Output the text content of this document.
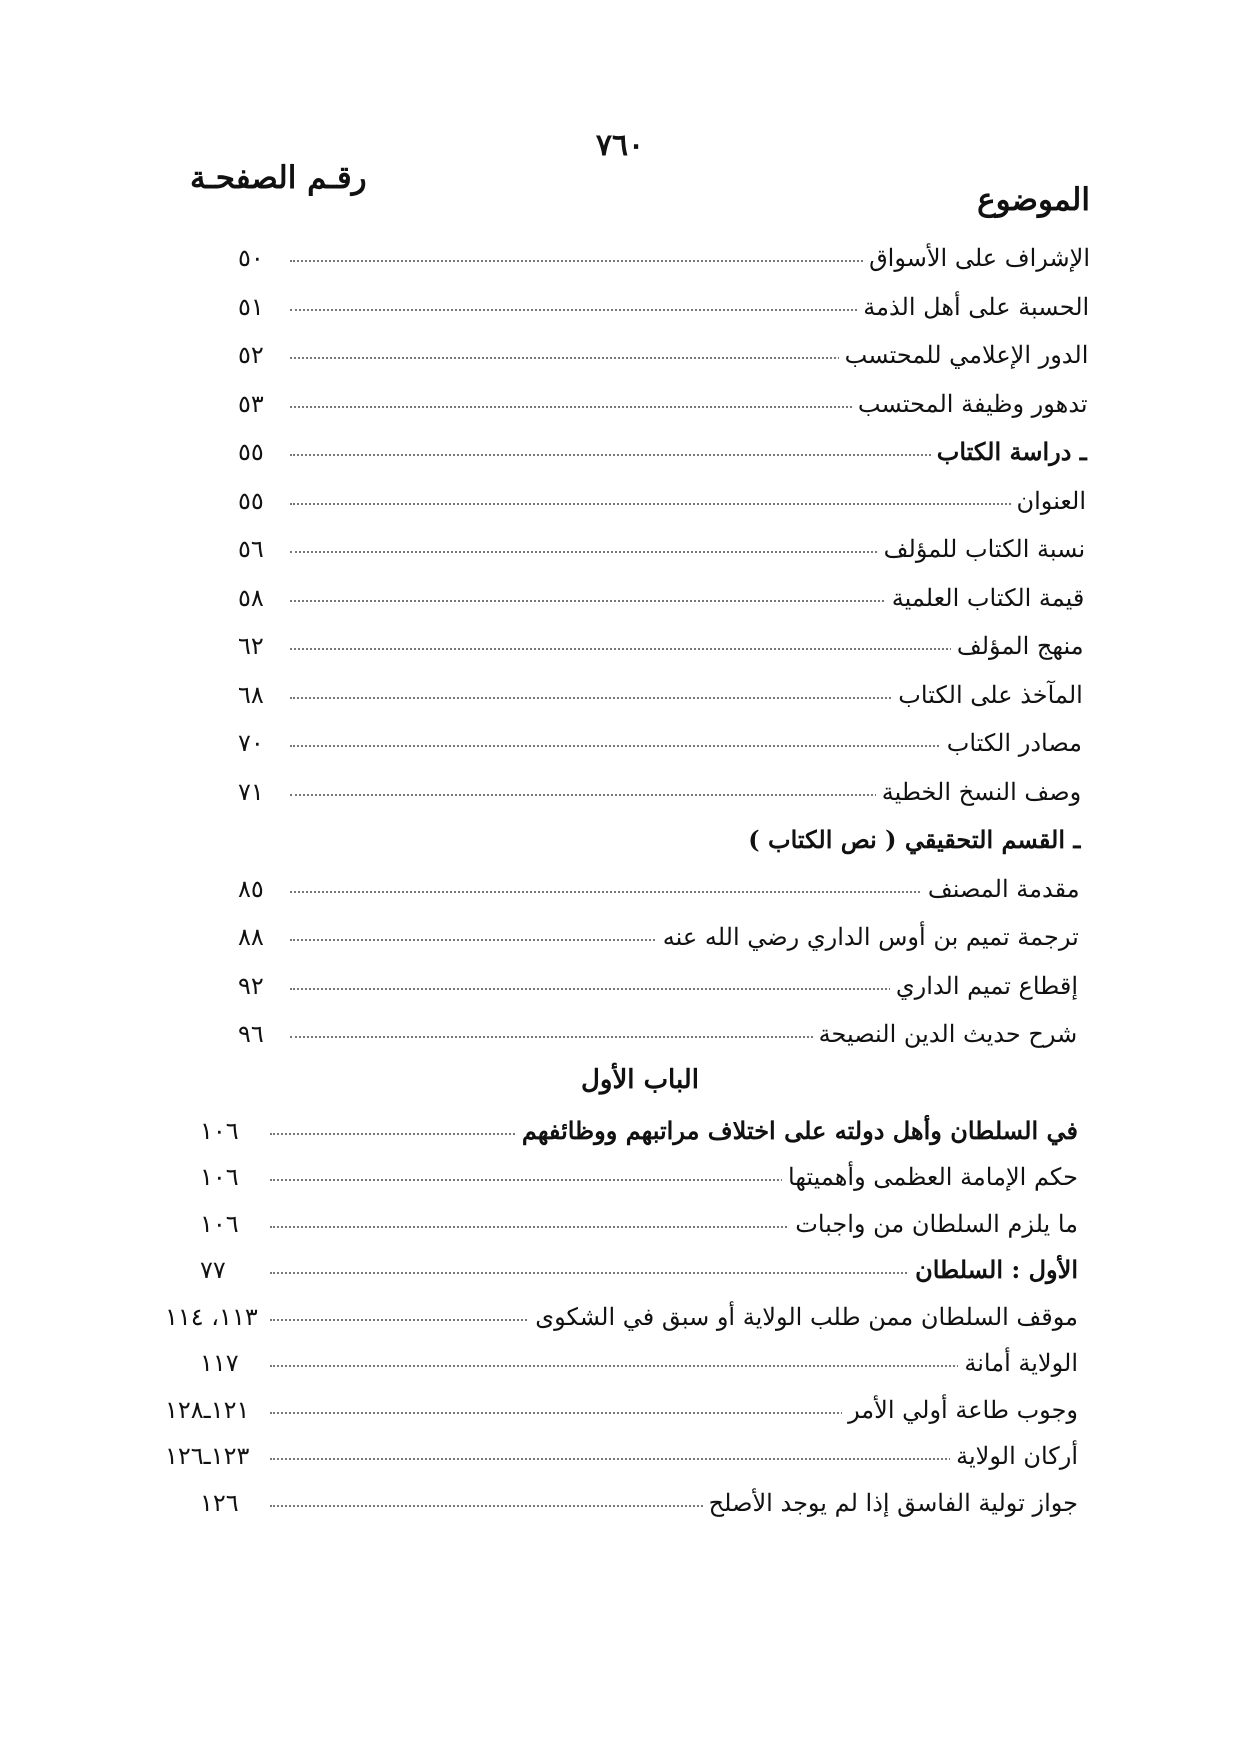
٧٦٠
الموضوع
رقـم الصفحـة
الإشراف على الأسواق
٥٠
الحسبة على أهل الذمة
٥١
الدور الإعلامي للمحتسب
٥٢
تدهور وظيفة المحتسب
٥٣
ـ دراسة الكتاب
٥٥
العنوان
٥٥
نسبة الكتاب للمؤلف
٥٦
قيمة الكتاب العلمية
٥٨
منهج المؤلف
٦٢
المآخذ على الكتاب
٦٨
مصادر الكتاب
٧٠
وصف النسخ الخطية
٧١
ـ القسم التحقيقي ( نص الكتاب )
مقدمة المصنف
٨٥
ترجمة تميم بن أوس الداري رضي الله عنه
٨٨
إقطاع تميم الداري
٩٢
شرح حديث الدين النصيحة
٩٦
في السلطان وأهل دولته على اختلاف مراتبهم ووظائفهم
١٠٦
حكم الإمامة العظمى وأهميتها
١٠٦
ما يلزم السلطان من واجبات
١٠٦
الأول : السلطان
٧٧
موقف السلطان ممن طلب الولاية أو سبق في الشكوى
١١٣، ١١٤
الولاية أمانة
١١٧
وجوب طاعة أولي الأمر
١٢١ـ١٢٨
أركان الولاية
١٢٣ـ١٢٦
جواز تولية الفاسق إذا لم يوجد الأصلح
١٢٦
الباب الأول
